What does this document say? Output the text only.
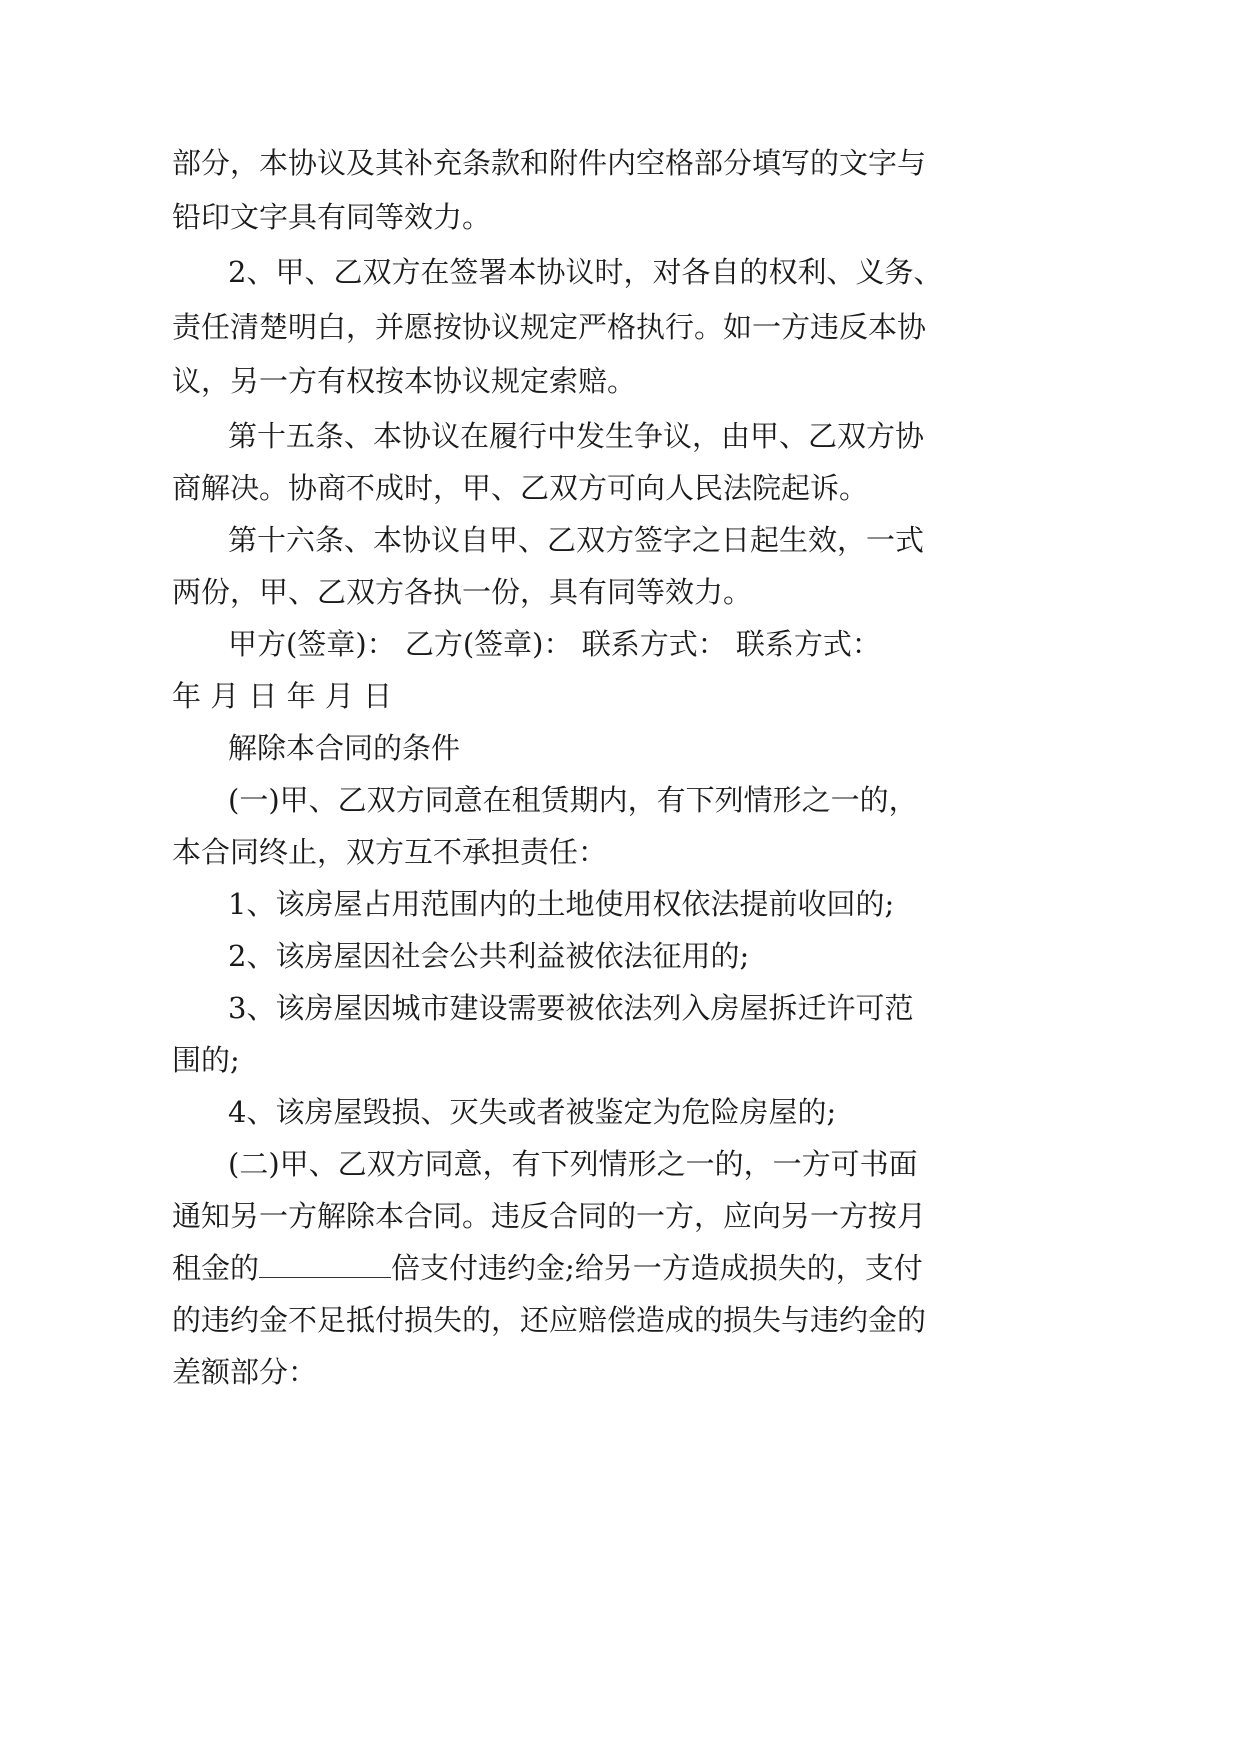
部分，本协议及其补充条款和附件内空格部分填写的文字与
铅印文字具有同等效力。
2、甲、乙双方在签署本协议时，对各自的权利、义务、
责任清楚明白，并愿按协议规定严格执行。如一方违反本协
议，另一方有权按本协议规定索赔。
第十五条、本协议在履行中发生争议，由甲、乙双方协
商解决。协商不成时，甲、乙双方可向人民法院起诉。
第十六条、本协议自甲、乙双方签字之日起生效，一式
两份，甲、乙双方各执一份，具有同等效力。
甲方(签章)： 乙方(签章)： 联系方式： 联系方式：
年 月 日 年 月 日
解除本合同的条件
(一)甲、乙双方同意在租赁期内，有下列情形之一的，
本合同终止，双方互不承担责任：
1、该房屋占用范围内的土地使用权依法提前收回的;
2、该房屋因社会公共利益被依法征用的;
3、该房屋因城市建设需要被依法列入房屋拆迁许可范
围的;
4、该房屋毁损、灭失或者被鉴定为危险房屋的;
(二)甲、乙双方同意，有下列情形之一的，一方可书面
通知另一方解除本合同。违反合同的一方，应向另一方按月
租金的	倍支付违约金;给另一方造成损失的，支付
的违约金不足抵付损失的，还应赔偿造成的损失与违约金的
差额部分：
